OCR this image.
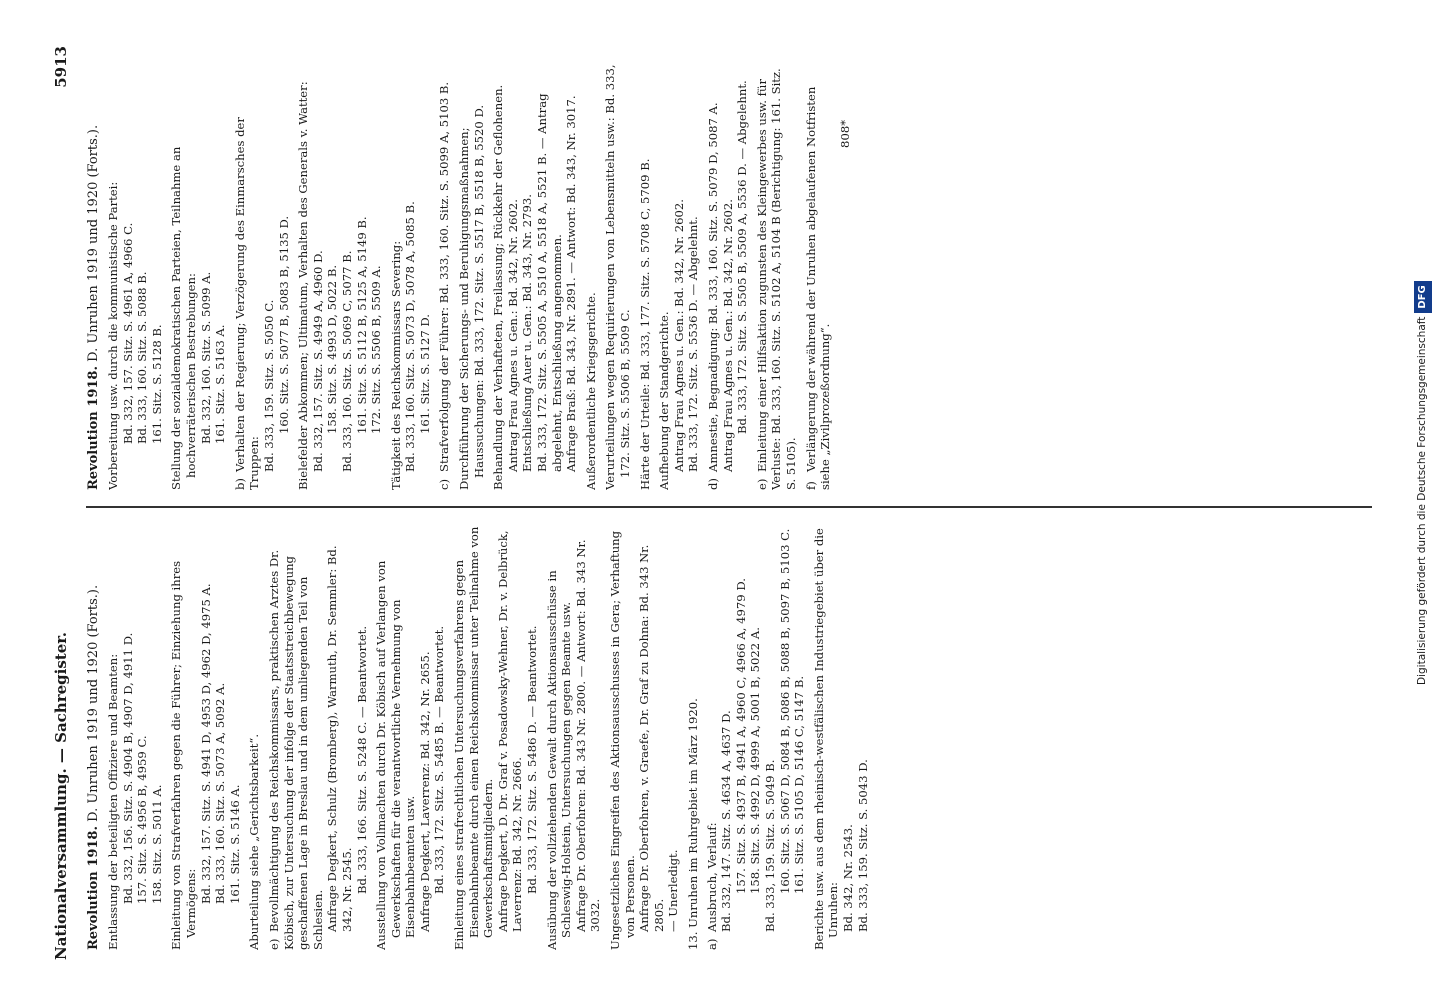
Nationalversammlung. — Sachregister.
5913
Revolution 1918. D. Unruhen 1919 und 1920 (Forts.). Entlassung der beteiligten Offiziere und Beamten: Bd. 332, 156. Sitz. S. 4904 B, 4907 D, 4911 D. 157. Sitz. S. 4956 B, 4959 C. 158. Sitz. S. 5011 A. Einleitung von Strafverfahren gegen die Führer; Einziehung ihres Vermögens: Bd. 332, 157. Sitz. S. 4941 D, 4953 D, 4962 D, 4975 A. Bd. 333, 160. Sitz. S. 5073 A, 5092 A. 161. Sitz. S. 5146 A. Aburteilung siehe „Gerichtsbarkeit“. e)Bevollmächtigung des Reichskommissars, praktischen Arztes Dr. Köbisch, zur Untersuchung der infolge der Staatsstreichbewegung geschaffenen Lage in Breslau und in dem umliegenden Teil von Schlesien. Anfrage Degkert, Schulz (Bromberg), Warmuth, Dr. Semmler: Bd. 342, Nr. 2545. Bd. 333, 166. Sitz. S. 5248 C. — Beantwortet. Ausstellung von Vollmachten durch Dr. Köbisch auf Verlangen von Gewerkschaften für die verantwortliche Vernehmung von Eisenbahnbeamten usw. Anfrage Degkert, Laverrenz: Bd. 342, Nr. 2655. Bd. 333, 172. Sitz. S. 5485 B. — Beantwortet. Einleitung eines strafrechtlichen Untersuchungsverfahrens gegen Eisenbahnbeamte durch einen Reichskommissar unter Teilnahme von Gewerkschaftsmitgliedern. Anfrage Degkert, D. Dr. Graf v. Posadowsky-Wehner, Dr. v. Delbrück, Laverrenz: Bd. 342, Nr. 2666. Bd. 333, 172. Sitz. S. 5486 D. — Beantwortet. Ausübung der vollziehenden Gewalt durch Aktionsausschüsse in Schleswig-Holstein, Untersuchungen gegen Beamte usw. Anfrage Dr. Oberfohren: Bd. 343 Nr. 2800. — Antwort: Bd. 343 Nr. 3032. Ungesetzliches Eingreifen des Aktionsausschusses in Gera; Verhaftung von Personen. Anfrage Dr. Oberfohren, v. Graefe, Dr. Graf zu Dohna: Bd. 343 Nr. 2805. — Unerledigt. 13. Unruhen im Ruhrgebiet im März 1920. a)Ausbruch, Verlauf: Bd. 332, 147. Sitz. S. 4634 A, 4637 D. 157. Sitz. S. 4937 B, 4941 A, 4960 C, 4966 A, 4979 D. 158. Sitz. S. 4992 D, 4999 A, 5001 B, 5022 A. Bd. 333, 159. Sitz. S. 5049 B. 160. Sitz. S. 5067 D, 5084 B, 5086 B, 5088 B, 5097 B, 5103 C. 161. Sitz. S. 5105 D, 5146 C, 5147 B. Berichte usw. aus dem rheinisch-westfälischen Industriegebiet über die Unruhen: Bd. 342, Nr. 2543. Bd. 333, 159. Sitz. S. 5043 D.
Revolution 1918. D. Unruhen 1919 und 1920 (Forts.). Vorbereitung usw. durch die kommunistische Partei: Bd. 332, 157. Sitz. S. 4961 A, 4966 C. Bd. 333, 160. Sitz. S. 5088 B. 161. Sitz. S. 5128 B. Stellung der sozialdemokratischen Parteien, Teilnahme an hochverräterischen Bestrebungen: Bd. 332, 160. Sitz. S. 5099 A. 161. Sitz. S. 5163 A.
b)Verhalten der Regierung; Verzögerung des Einmarsches der Truppen: Bd. 333, 159. Sitz. S. 5050 C. 160. Sitz. S. 5077 B, 5083 B, 5135 D. Bielefelder Abkommen; Ultimatum, Verhalten des Generals v. Watter: Bd. 332, 157. Sitz. S. 4949 A, 4960 D. 158. Sitz. S. 4993 D, 5022 B. Bd. 333, 160. Sitz. S. 5069 C, 5077 B. 161. Sitz. S. 5112 B, 5125 A, 5149 B. 172. Sitz. S. 5506 B, 5509 A. Tätigkeit des Reichskommissars Severing: Bd. 333, 160. Sitz. S. 5073 D, 5078 A, 5085 B. 161. Sitz. S. 5127 D.
c)Strafverfolgung der Führer: Bd. 333, 160. Sitz. S. 5099 A, 5103 B. Durchführung der Sicherungs- und Beruhigungsmaßnahmen; Haussuchungen: Bd. 333, 172. Sitz. S. 5517 B, 5518 B, 5520 D. Behandlung der Verhafteten, Freilassung; Rückkehr der Geflohenen. Antrag Frau Agnes u. Gen.: Bd. 342, Nr. 2602. Entschließung Auer u. Gen.: Bd. 343, Nr. 2793. Bd. 333, 172. Sitz. S. 5505 A, 5510 A, 5518 A, 5521 B. — Antrag abgelehnt, Entschließung angenommen. Anfrage Braß: Bd. 343, Nr. 2891. — Antwort: Bd. 343, Nr. 3017. Außerordentliche Kriegsgerichte. Verurteilungen wegen Requirierungen von Lebensmitteln usw.: Bd. 333, 172. Sitz. S. 5506 B, 5509 C. Härte der Urteile: Bd. 333, 177. Sitz. S. 5708 C, 5709 B. Aufhebung der Standgerichte. Antrag Frau Agnes u. Gen.: Bd. 342, Nr. 2602. Bd. 333, 172. Sitz. S. 5536 D. — Abgelehnt.
d)Amnestie, Begnadigung: Bd. 333, 160. Sitz. S. 5079 D, 5087 A. Antrag Frau Agnes u. Gen.: Bd. 342, Nr. 2602. Bd. 333, 172. Sitz. S. 5505 B, 5509 A, 5536 D. — Abgelehnt.
e)Einleitung einer Hilfsaktion zugunsten des Kleingewerbes usw. für Verluste: Bd. 333, 160. Sitz. S. 5102 A, 5104 B (Berichtigung: 161. Sitz. S. 5105). f)Verlängerung der während der Unruhen abgelaufenen Notfristen siehe „Zivilprozeßordnung“.
808*
Digitalisierung gefördert durch die Deutsche ForschungsgemeinschaftDFG
